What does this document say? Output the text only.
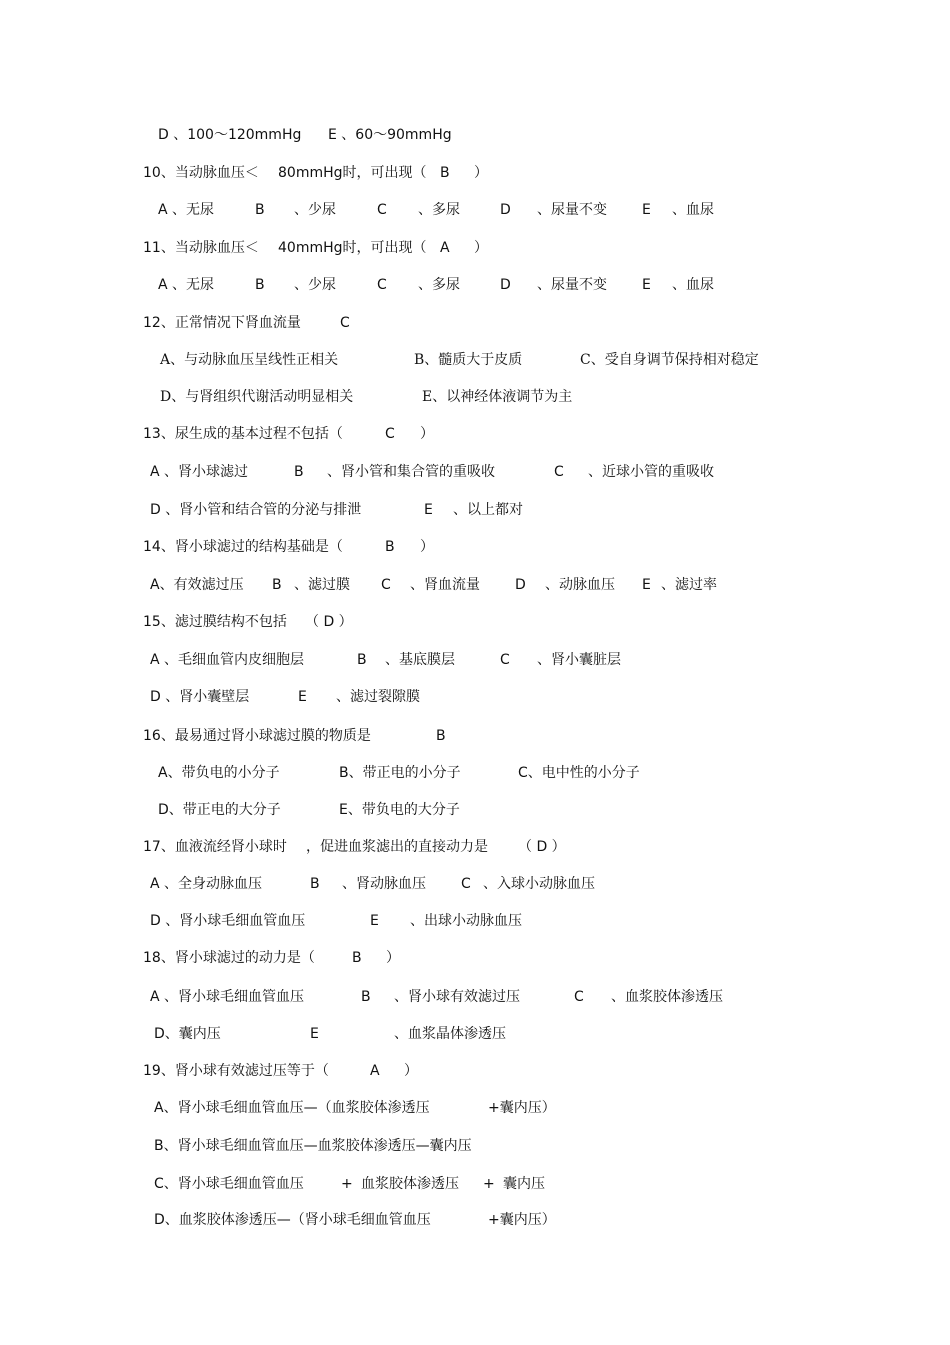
D 、100～120mmHg E 、60～90mmHg
10、当动脉血压＜ 80mmHg时，可出现（ B ）
A 、无尿	B 、少尿	C 、多尿	D 、尿量不变	E 、血尿
11、当动脉血压＜ 40mmHg时，可出现（ A ）
A 、无尿	B 、少尿	C 、多尿	D 、尿量不变	E 、血尿
12、正常情况下肾血流量	C
A、与动脉血压呈线性正相关	B、髓质大于皮质	C、受自身调节保持相对稳定
D、与肾组织代谢活动明显相关	E、以神经体液调节为主
13、尿生成的基本过程不包括（	C ）
A 、肾小球滤过	B 、肾小管和集合管的重吸收	C 、近球小管的重吸收
D 、肾小管和结合管的分泌与排泄	E 、以上都对
14、肾小球滤过的结构基础是（	B ）
A、有效滤过压 B 、滤过膜 C 、肾血流量	D 、动脉血压 E 、滤过率
15、滤过膜结构不包括 （ D ）
A 、毛细血管内皮细胞层	B 、基底膜层	C 、肾小囊脏层
D 、肾小囊壁层	E 、滤过裂隙膜
16、最易通过肾小球滤过膜的物质是	B
A、带负电的小分子	B、带正电的小分子	C、电中性的小分子
D、带正电的大分子	E、带负电的大分子
17、血液流经肾小球时 ，促进血浆滤出的直接动力是 （ D ）
A 、全身动脉血压	B 、肾动脉血压	C 、入球小动脉血压
D 、肾小球毛细血管血压	E 、出球小动脉血压
18、肾小球滤过的动力是（	B ）
A 、肾小球毛细血管血压	B 、肾小球有效滤过压	C 、血浆胶体渗透压
D、囊内压	E	、血浆晶体渗透压
19、肾小球有效滤过压等于（	A ）
A、肾小球毛细血管血压—（血浆胶体渗透压	+囊内压）
B、肾小球毛细血管血压—血浆胶体渗透压—囊内压
C、肾小球毛细血管血压	+ 血浆胶体渗透压 + 囊内压
D、血浆胶体渗透压—（肾小球毛细血管血压	+囊内压）
